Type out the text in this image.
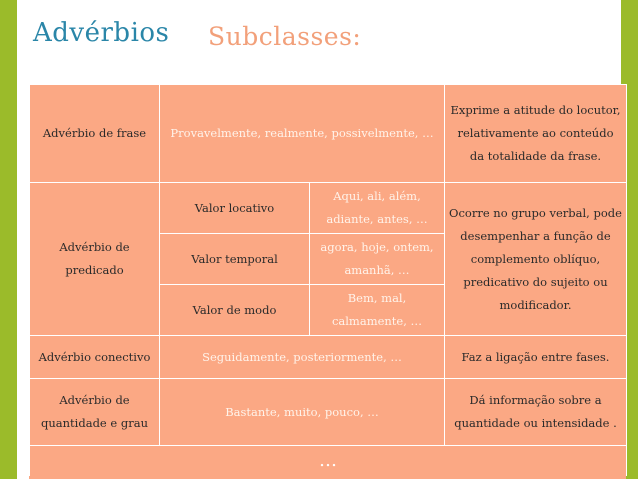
Advérbios Subclasses:
Advérbio de frase	Provavelmente, realmente, possivelmente, …		Exprime a atitude do locutor, relativamente ao conteúdo da totalidade da frase.
Advérbio de predicado	Valor locativo	Aqui, ali, além, adiante, antes, …	Ocorre no grupo verbal, pode desempenhar a função de complemento oblíquo, predicativo do sujeito ou modificador.
	Valor temporal	agora, hoje, ontem, amanhã, …	
	Valor de modo	Bem, mal, calmamente, …	
Advérbio conectivo	Seguidamente, posteriormente, …		Faz a ligação entre fases.
Advérbio de quantidade e grau	Bastante, muito, pouco, …		Dá informação sobre a quantidade ou intensidade .
…			
